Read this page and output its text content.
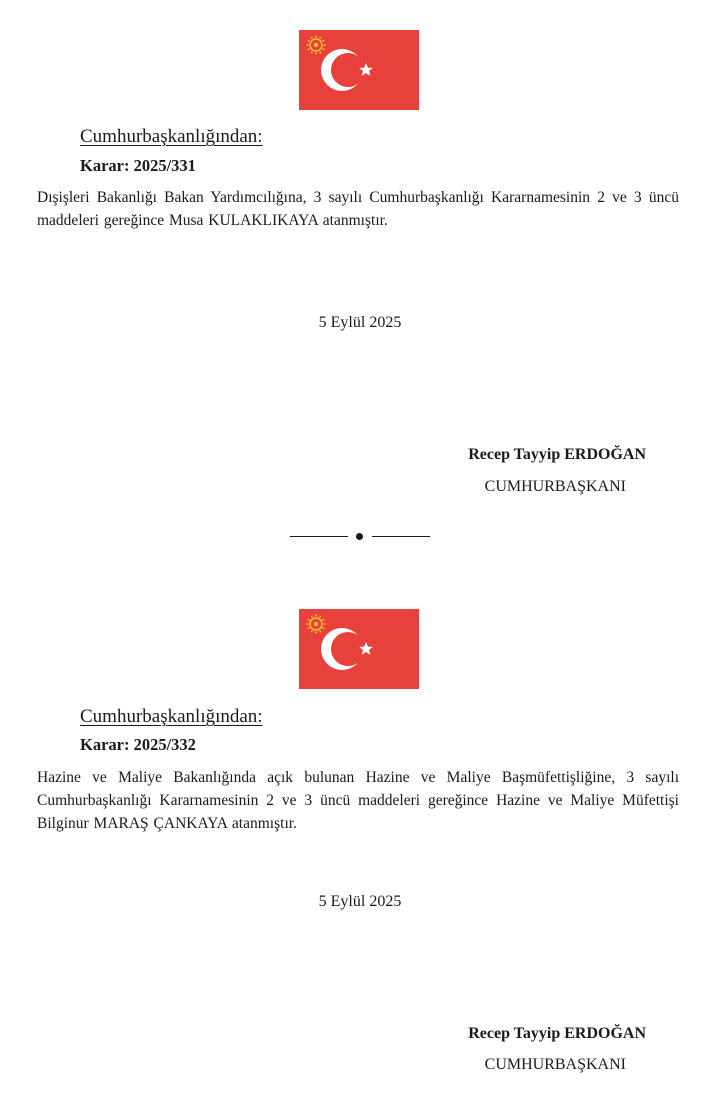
Cumhurbaşkanlığından:
Karar: 2025/331
Dışişleri Bakanlığı Bakan Yardımcılığına, 3 sayılı Cumhurbaşkanlığı Kararnamesinin 2 ve 3 üncü maddeleri gereğince Musa KULAKLIKAYA atanmıştır.
5 Eylül 2025
Recep Tayyip ERDOĞAN
CUMHURBAŞKANI
Cumhurbaşkanlığından:
Karar: 2025/332
Hazine ve Maliye Bakanlığında açık bulunan Hazine ve Maliye Başmüfettişliğine, 3 sayılı Cumhurbaşkanlığı Kararnamesinin 2 ve 3 üncü maddeleri gereğince Hazine ve Maliye Müfettişi Bilginur MARAŞ ÇANKAYA atanmıştır.
5 Eylül 2025
Recep Tayyip ERDOĞAN
CUMHURBAŞKANI
